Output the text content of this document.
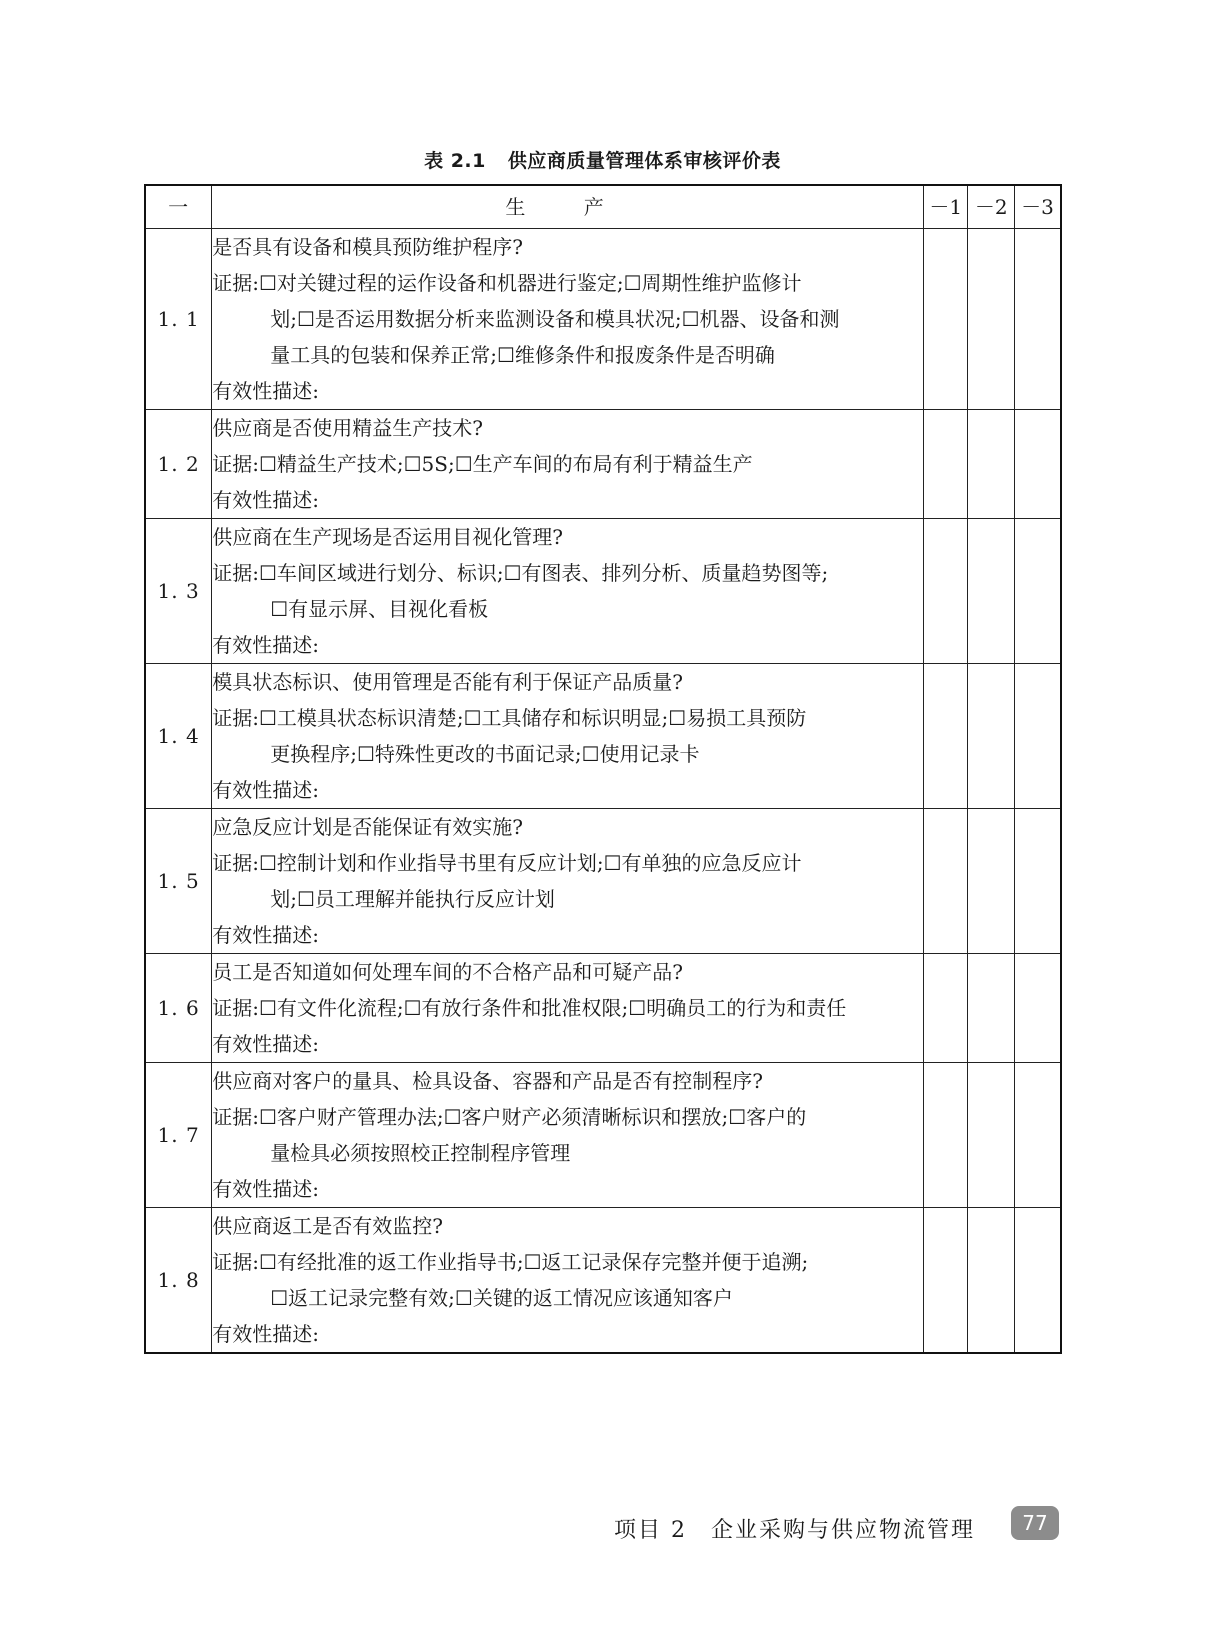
表 2.1 供应商质量管理体系审核评价表
一	生 产	－1	－2	－3
1. 1	是否具有设备和模具预防维护程序?
证据:☐对关键过程的运作设备和机器进行鉴定;☐周期性维护监修计
划;☐是否运用数据分析来监测设备和模具状况;☐机器、设备和测
量工具的包装和保养正常;☐维修条件和报废条件是否明确
有效性描述:			

1. 2	供应商是否使用精益生产技术?
证据:☐精益生产技术;☐5S;☐生产车间的布局有利于精益生产
有效性描述:			

1. 3	供应商在生产现场是否运用目视化管理?
证据:☐车间区域进行划分、标识;☐有图表、排列分析、质量趋势图等;
☐有显示屏、目视化看板
有效性描述:			

1. 4	模具状态标识、使用管理是否能有利于保证产品质量?
证据:☐工模具状态标识清楚;☐工具储存和标识明显;☐易损工具预防
更换程序;☐特殊性更改的书面记录;☐使用记录卡
有效性描述:			

1. 5	应急反应计划是否能保证有效实施?
证据:☐控制计划和作业指导书里有反应计划;☐有单独的应急反应计
划;☐员工理解并能执行反应计划
有效性描述:			

1. 6	员工是否知道如何处理车间的不合格产品和可疑产品?
证据:☐有文件化流程;☐有放行条件和批准权限;☐明确员工的行为和责任
有效性描述:			

1. 7	供应商对客户的量具、检具设备、容器和产品是否有控制程序?
证据:☐客户财产管理办法;☐客户财产必须清晰标识和摆放;☐客户的
量检具必须按照校正控制程序管理
有效性描述:			

1. 8	供应商返工是否有效监控?
证据:☐有经批准的返工作业指导书;☐返工记录保存完整并便于追溯;
☐返工记录完整有效;☐关键的返工情况应该通知客户
有效性描述:			

项目 2 企业采购与供应物流管理	77
